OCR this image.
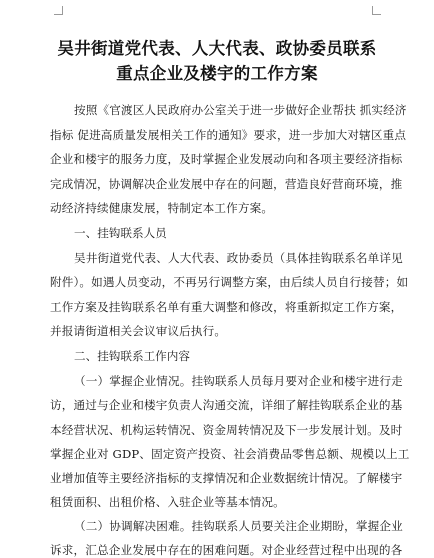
吴井街道党代表、人大代表、政协委员联系
重点企业及楼宇的工作方案
按照《官渡区人民政府办公室关于进一步做好企业帮扶 抓实经济
指标 促进高质量发展相关工作的通知》要求，进一步加大对辖区重点
企业和楼宇的服务力度，及时掌握企业发展动向和各项主要经济指标
完成情况，协调解决企业发展中存在的问题，营造良好营商环境，推
动经济持续健康发展，特制定本工作方案。
一、挂钩联系人员
吴井街道党代表、人大代表、政协委员（具体挂钩联系名单详见
附件）。如遇人员变动，不再另行调整方案，由后续人员自行接替；如
工作方案及挂钩联系名单有重大调整和修改，将重新拟定工作方案，
并报请街道相关会议审议后执行。
二、挂钩联系工作内容
（一）掌握企业情况。挂钩联系人员每月要对企业和楼宇进行走
访，通过与企业和楼宇负责人沟通交流，详细了解挂钩联系企业的基
本经营状况、机构运转情况、资金周转情况及下一步发展计划。及时
掌握企业对 GDP、固定资产投资、社会消费品零售总额、规模以上工
业增加值等主要经济指标的支撑情况和企业数据统计情况。了解楼宇
租赁面积、出租价格、入驻企业等基本情况。
（二）协调解决困难。挂钩联系人员要关注企业期盼，掌握企业
诉求，汇总企业发展中存在的困难问题。对企业经营过程中出现的各
